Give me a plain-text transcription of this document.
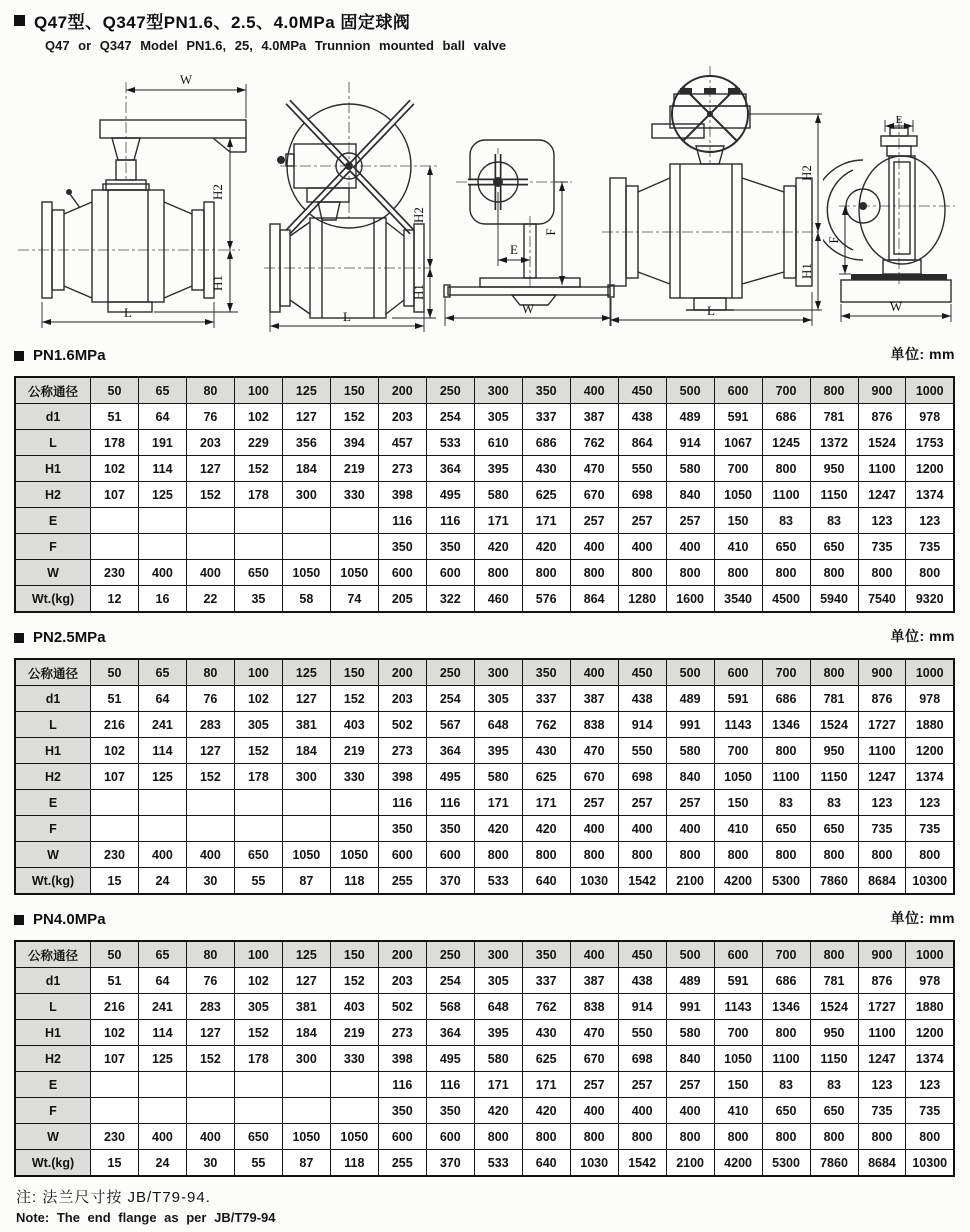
Q47型、Q347型PN1.6、2.5、4.0MPa 固定球阀
Q47 or Q347 Model PN1.6, 25, 4.0MPa Trunnion mounted ball valve
W
H2
H1
L
H2
H1
L
E
F
W
H2
H1
L
E
F
W
PN1.6MPa	单位: mm
公称通径	50	65	80	100	125	150	200	250	300	350	400	450	500	600	700	800	900	1000
d1	51	64	76	102	127	152	203	254	305	337	387	438	489	591	686	781	876	978
L	178	191	203	229	356	394	457	533	610	686	762	864	914	1067	1245	1372	1524	1753
H1	102	114	127	152	184	219	273	364	395	430	470	550	580	700	800	950	1100	1200
H2	107	125	152	178	300	330	398	495	580	625	670	698	840	1050	1100	1150	1247	1374
E							116	116	171	171	257	257	257	150	83	83	123	123
F							350	350	420	420	400	400	400	410	650	650	735	735
W	230	400	400	650	1050	1050	600	600	800	800	800	800	800	800	800	800	800	800
Wt.(kg)	12	16	22	35	58	74	205	322	460	576	864	1280	1600	3540	4500	5940	7540	9320
PN2.5MPa	单位: mm
公称通径	50	65	80	100	125	150	200	250	300	350	400	450	500	600	700	800	900	1000
d1	51	64	76	102	127	152	203	254	305	337	387	438	489	591	686	781	876	978
L	216	241	283	305	381	403	502	567	648	762	838	914	991	1143	1346	1524	1727	1880
H1	102	114	127	152	184	219	273	364	395	430	470	550	580	700	800	950	1100	1200
H2	107	125	152	178	300	330	398	495	580	625	670	698	840	1050	1100	1150	1247	1374
E							116	116	171	171	257	257	257	150	83	83	123	123
F							350	350	420	420	400	400	400	410	650	650	735	735
W	230	400	400	650	1050	1050	600	600	800	800	800	800	800	800	800	800	800	800
Wt.(kg)	15	24	30	55	87	118	255	370	533	640	1030	1542	2100	4200	5300	7860	8684	10300
PN4.0MPa	单位: mm
公称通径	50	65	80	100	125	150	200	250	300	350	400	450	500	600	700	800	900	1000
d1	51	64	76	102	127	152	203	254	305	337	387	438	489	591	686	781	876	978
L	216	241	283	305	381	403	502	568	648	762	838	914	991	1143	1346	1524	1727	1880
H1	102	114	127	152	184	219	273	364	395	430	470	550	580	700	800	950	1100	1200
H2	107	125	152	178	300	330	398	495	580	625	670	698	840	1050	1100	1150	1247	1374
E							116	116	171	171	257	257	257	150	83	83	123	123
F							350	350	420	420	400	400	400	410	650	650	735	735
W	230	400	400	650	1050	1050	600	600	800	800	800	800	800	800	800	800	800	800
Wt.(kg)	15	24	30	55	87	118	255	370	533	640	1030	1542	2100	4200	5300	7860	8684	10300
注: 法兰尺寸按 JB/T79-94.
Note: The end flange as per JB/T79-94
